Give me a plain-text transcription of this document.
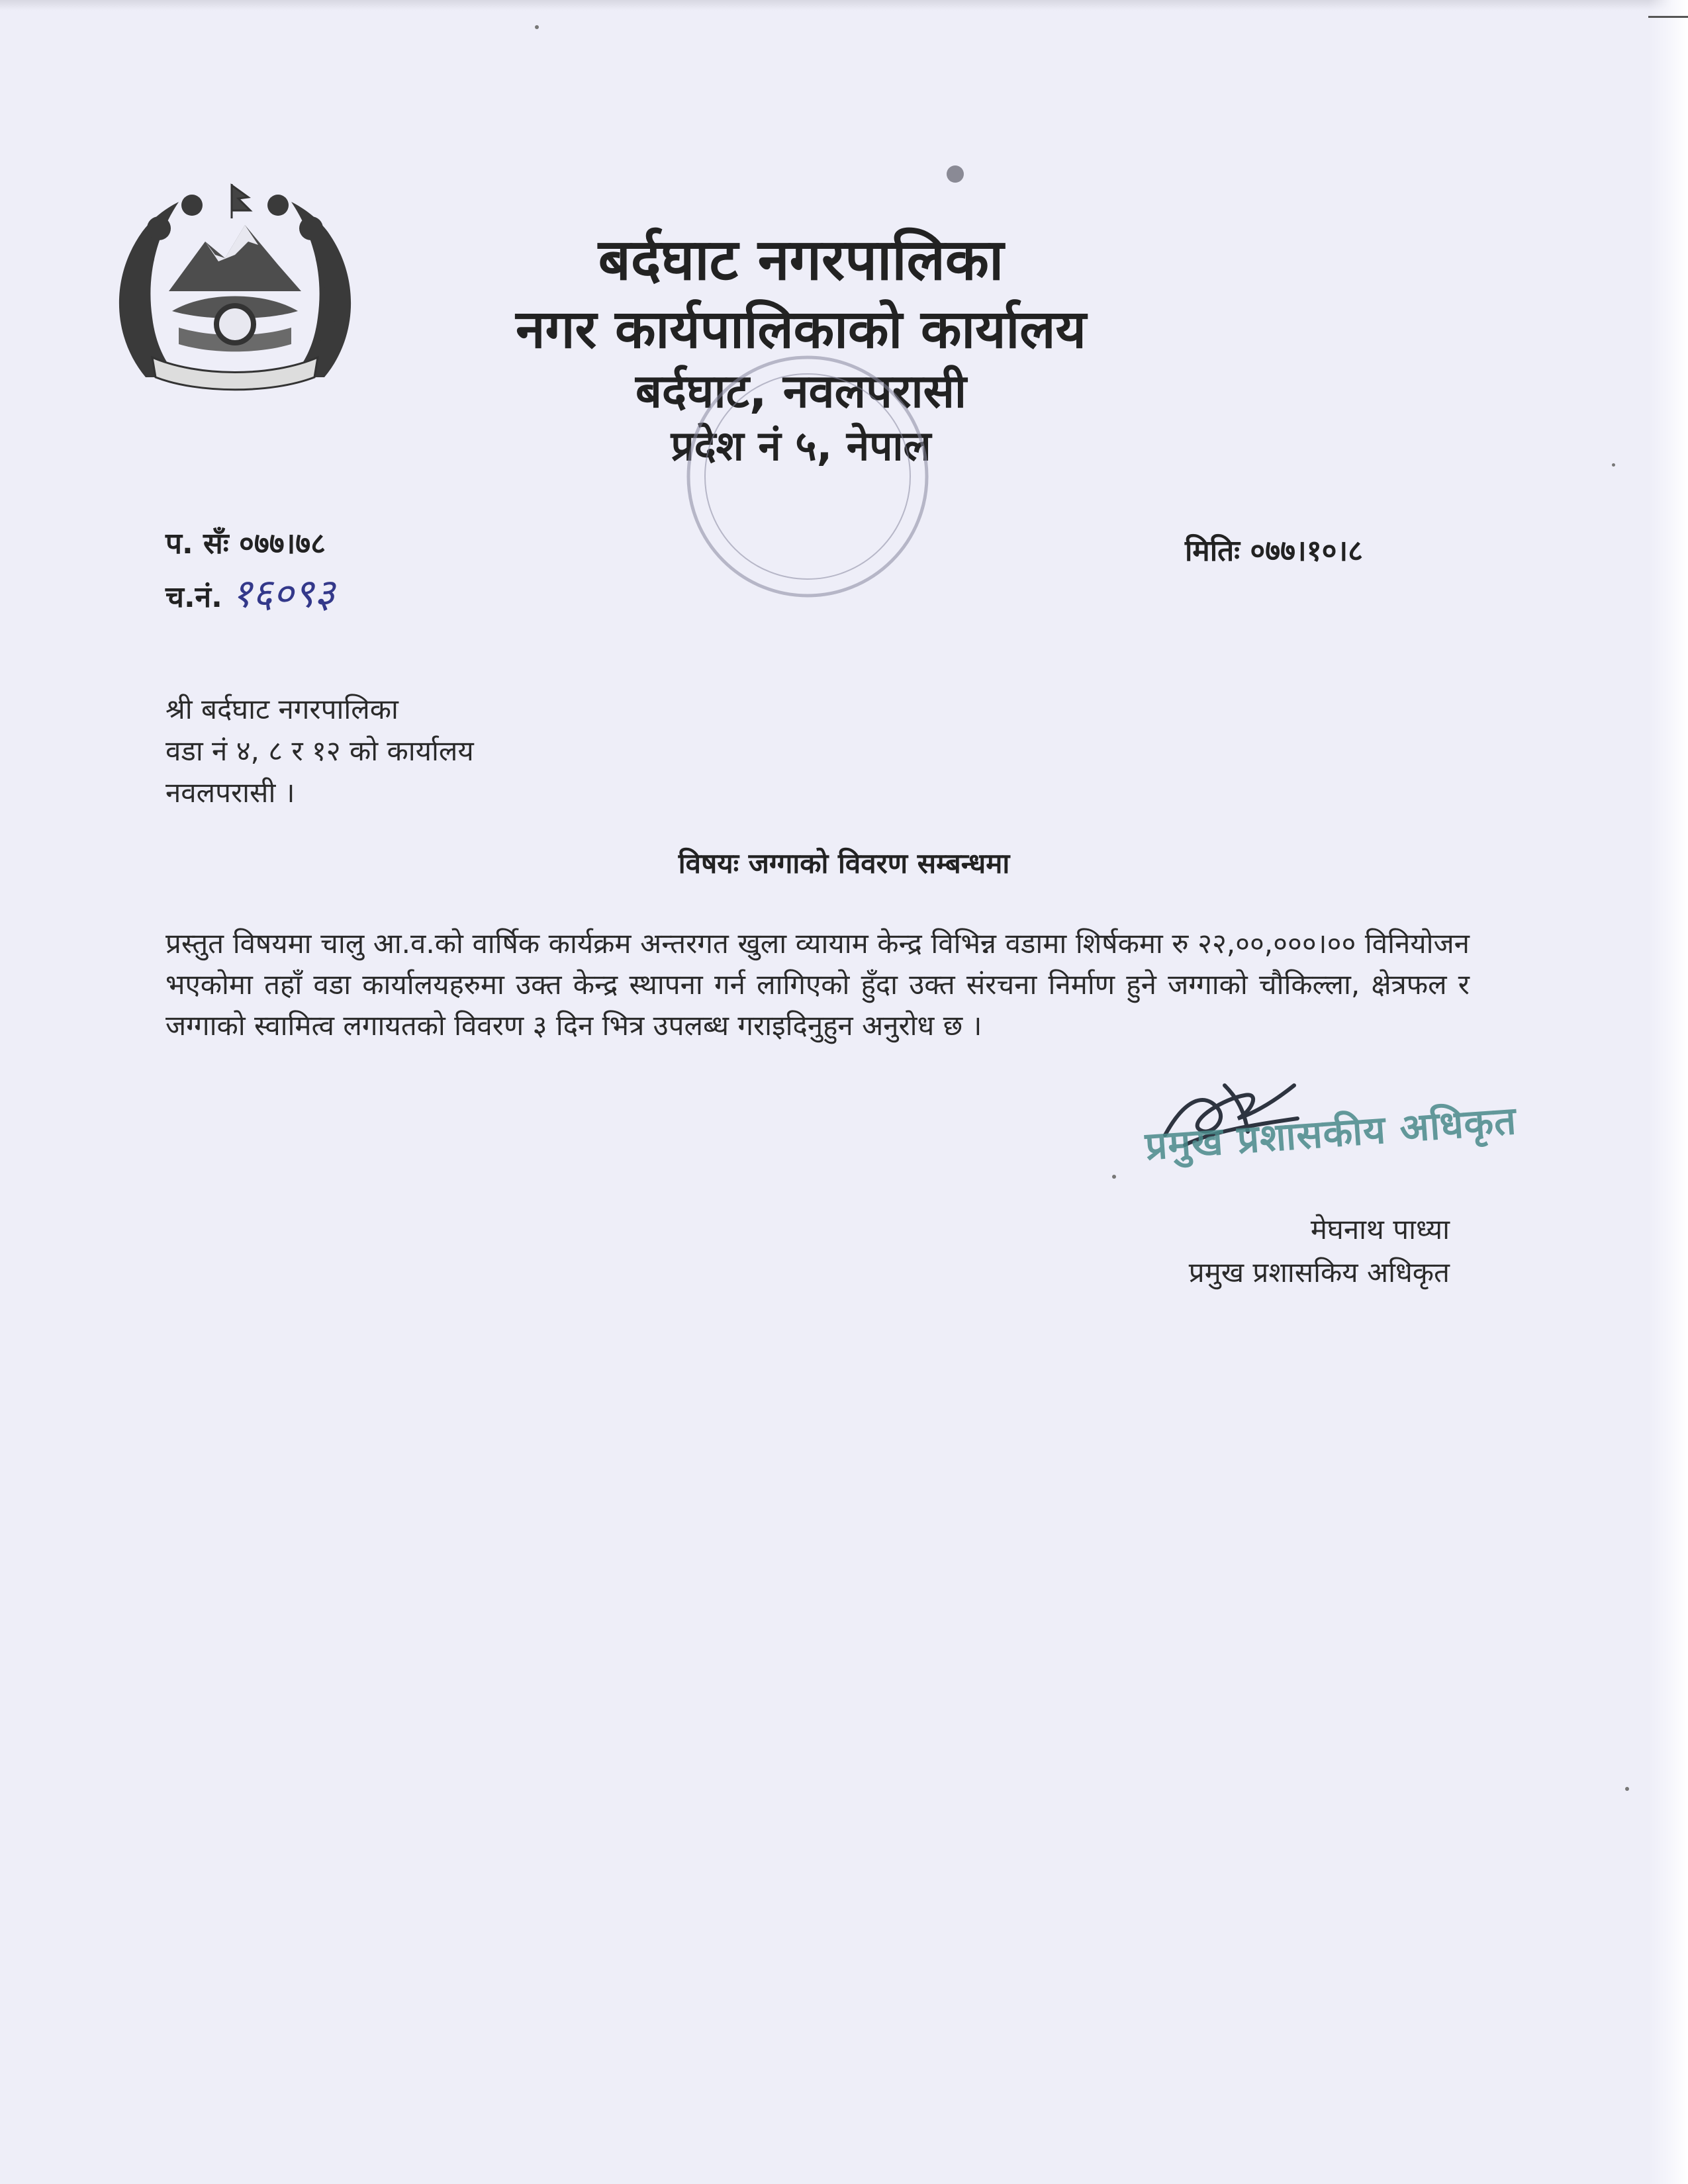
बर्दघाट नगरपालिका
नगर कार्यपालिकाको कार्यालय
बर्दघाट, नवलपरासी
प्रदेश नं ५, नेपाल
प. सँः ०७७।७८
च.नं. १६०९३
मितिः ०७७।१०।८
श्री बर्दघाट नगरपालिका
वडा नं ४, ८ र १२ को कार्यालय
नवलपरासी ।
विषयः जग्गाको विवरण सम्बन्धमा
प्रस्तुत विषयमा चालु आ.व.को वार्षिक कार्यक्रम अन्तरगत खुला व्यायाम केन्द्र विभिन्न वडामा शिर्षकमा रु २२,००,०००।०० विनियोजन भएकोमा तहाँ वडा कार्यालयहरुमा उक्त केन्द्र स्थापना गर्न लागिएको हुँदा उक्त संरचना निर्माण हुने जग्गाको चौकिल्ला, क्षेत्रफल र जग्गाको स्वामित्व लगायतको विवरण ३ दिन भित्र उपलब्ध गराइदिनुहुन अनुरोध छ ।
प्रमुख प्रशासकीय अधिकृत
मेघनाथ पाध्या
प्रमुख प्रशासकिय अधिकृत
